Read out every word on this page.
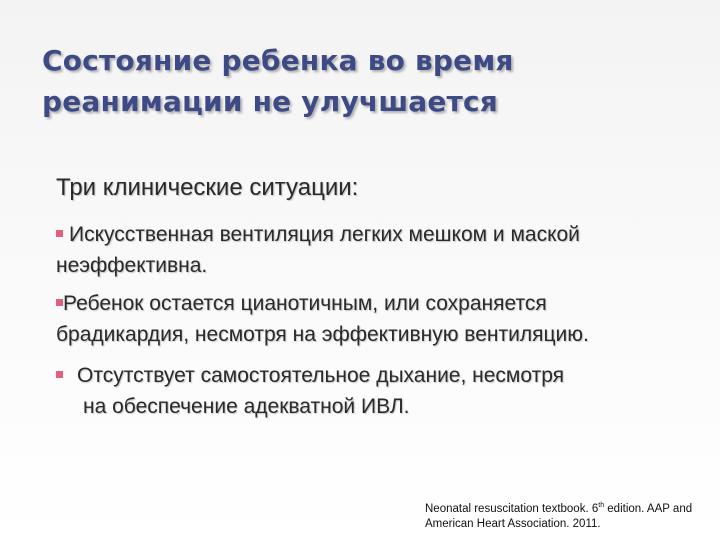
Состояние ребенка во время
реанимации не улучшается
Три клинические ситуации:
Искусственная вентиляция легких мешком и маской
неэффективна.
Ребенок остается цианотичным, или сохраняется
брадикардия, несмотря на эффективную вентиляцию.
Отсутствует самостоятельное дыхание, несмотря
на обеспечение адекватной ИВЛ.
Neonatal resuscitation textbook. 6th edition. AAP and
American Heart Association. 2011.
